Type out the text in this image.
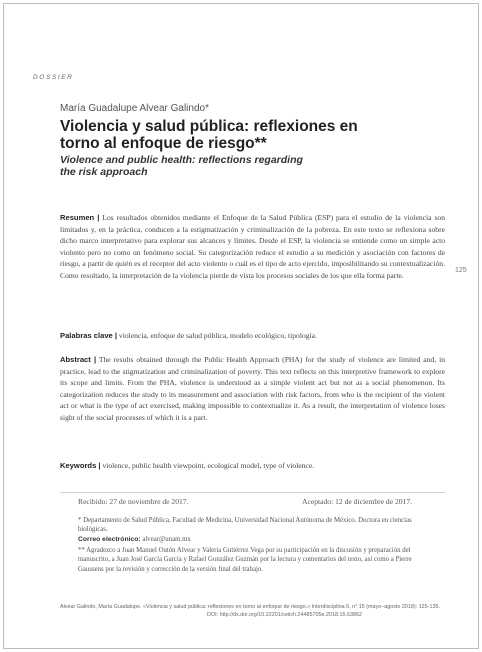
DOSSIER
María Guadalupe Alvear Galindo*
Violencia y salud pública: reflexiones en torno al enfoque de riesgo**
Violence and public health: reflections regarding the risk approach

Resumen | Los resultados obtenidos mediante el Enfoque de la Salud Pública (ESP) para el estudio de la violencia son limitados y, en la práctica, conducen a la estigmatización y criminalización de la pobreza. En este texto se reflexiona sobre dicho marco interpretativo para explorar sus alcances y límites. Desde el ESP, la violencia se entiende como un simple acto violento pero no como un fenómeno social. Su categorización reduce el estudio a su medición y asociación con factores de riesgo, a partir de quién es el receptor del acto violento o cuál es el tipo de acto ejercido, imposibilitando su contextualización. Como resultado, la interpretación de la violencia pierde de vista los procesos sociales de los que ella forma parte.

Palabras clave | violencia, enfoque de salud pública, modelo ecológico, tipología.

125

Abstract | The results obtained through the Public Health Approach (PHA) for the study of violence are limited and, in practice, lead to the stigmatization and criminalization of poverty. This text reflects on this interpretive framework to explore its scope and limits. From the PHA, violence is understood as a simple violent act but not as a social phenomenon. Its categorization reduces the study to its measurement and association with risk factors, from who is the recipient of the violent act or what is the type of act exercised, making impossible to contextualize it. As a result, the interpretation of violence loses sight of the social processes of which it is a part.

Keywords | violence, public health viewpoint, ecological model, type of violence.

Recibido: 27 de noviembre de 2017.	Aceptado: 12 de diciembre de 2017.

* Departamento de Salud Pública, Facultad de Medicina, Universidad Nacional Autónoma de México. Doctora en ciencias biológicas.

Correo electrónico: alvear@unam.mx

** Agradezco a Juan Manuel Outón Alvear y Valeria Gutiérrez Vega por su participación en la discusión y preparación del manuscrito, a Juan José García García y Rafael González Guzmán por la lectura y comentarios del texto, así como a Pierre Gaussens por la revisión y corrección de la versión final del trabajo.

Alvear Galindo, María Guadalupe. «Violencia y salud pública: reflexiones en torno al enfoque de riesgo.» Interdisciplina 6, n° 15 (mayo–agosto 2018): 125-135.
DOI: http://dx.doi.org/10.22201/ceiich.24485705e.2018.15.63862
